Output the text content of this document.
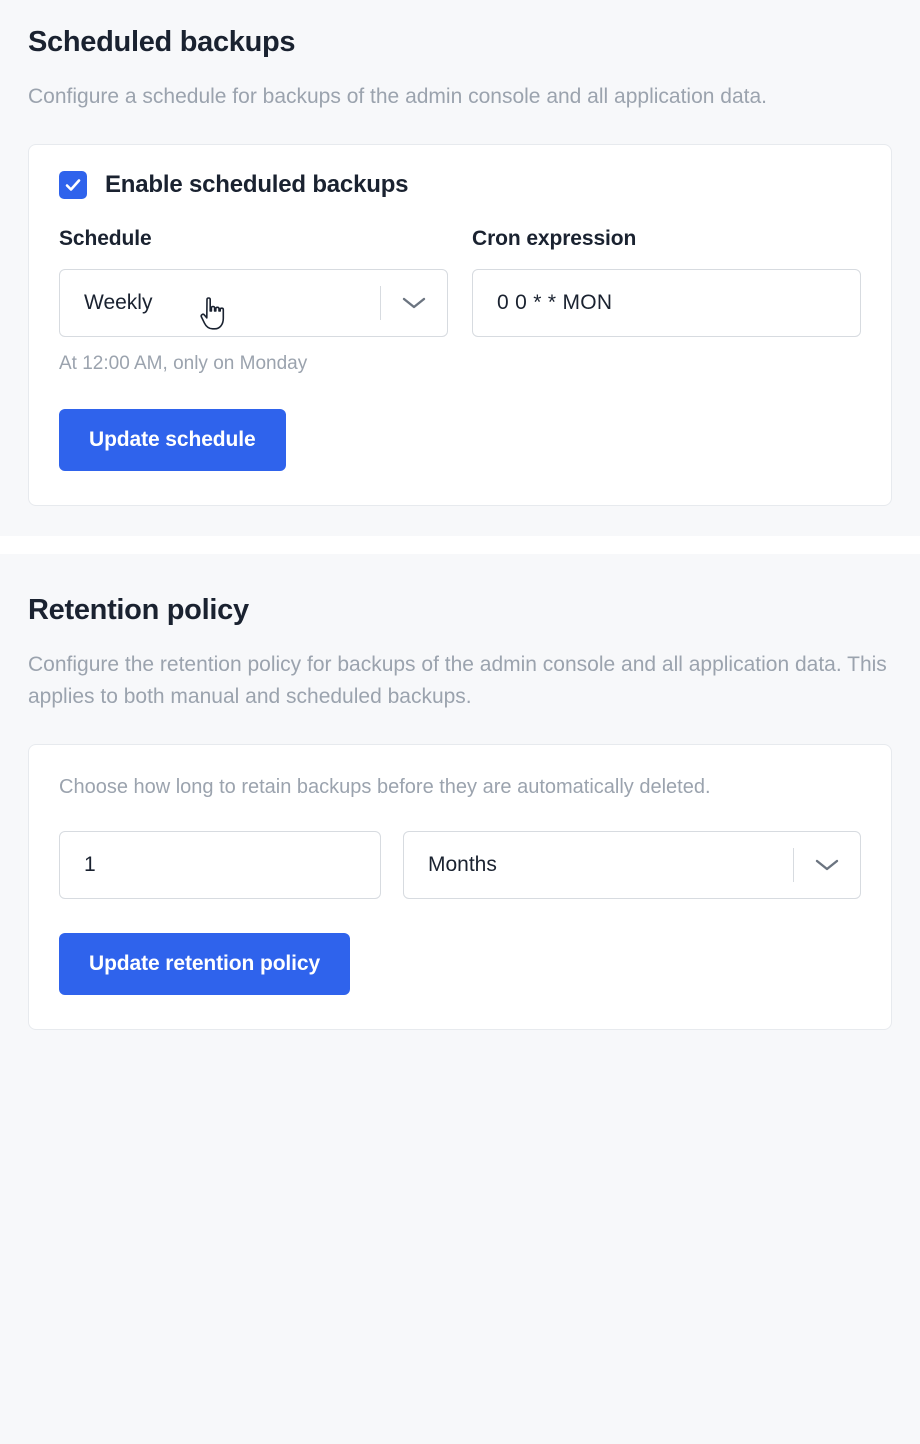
Scheduled backups

Configure a schedule for backups of the admin console and all application data.

Enable scheduled backups
Schedule
Weekly
At 12:00 AM, only on Monday
Cron expression
0 0 * * MON
Update schedule
Retention policy

Configure the retention policy for backups of the admin console and all application data. This applies to both manual and scheduled backups.

Choose how long to retain backups before they are automatically deleted.

1	Months
Update retention policy
